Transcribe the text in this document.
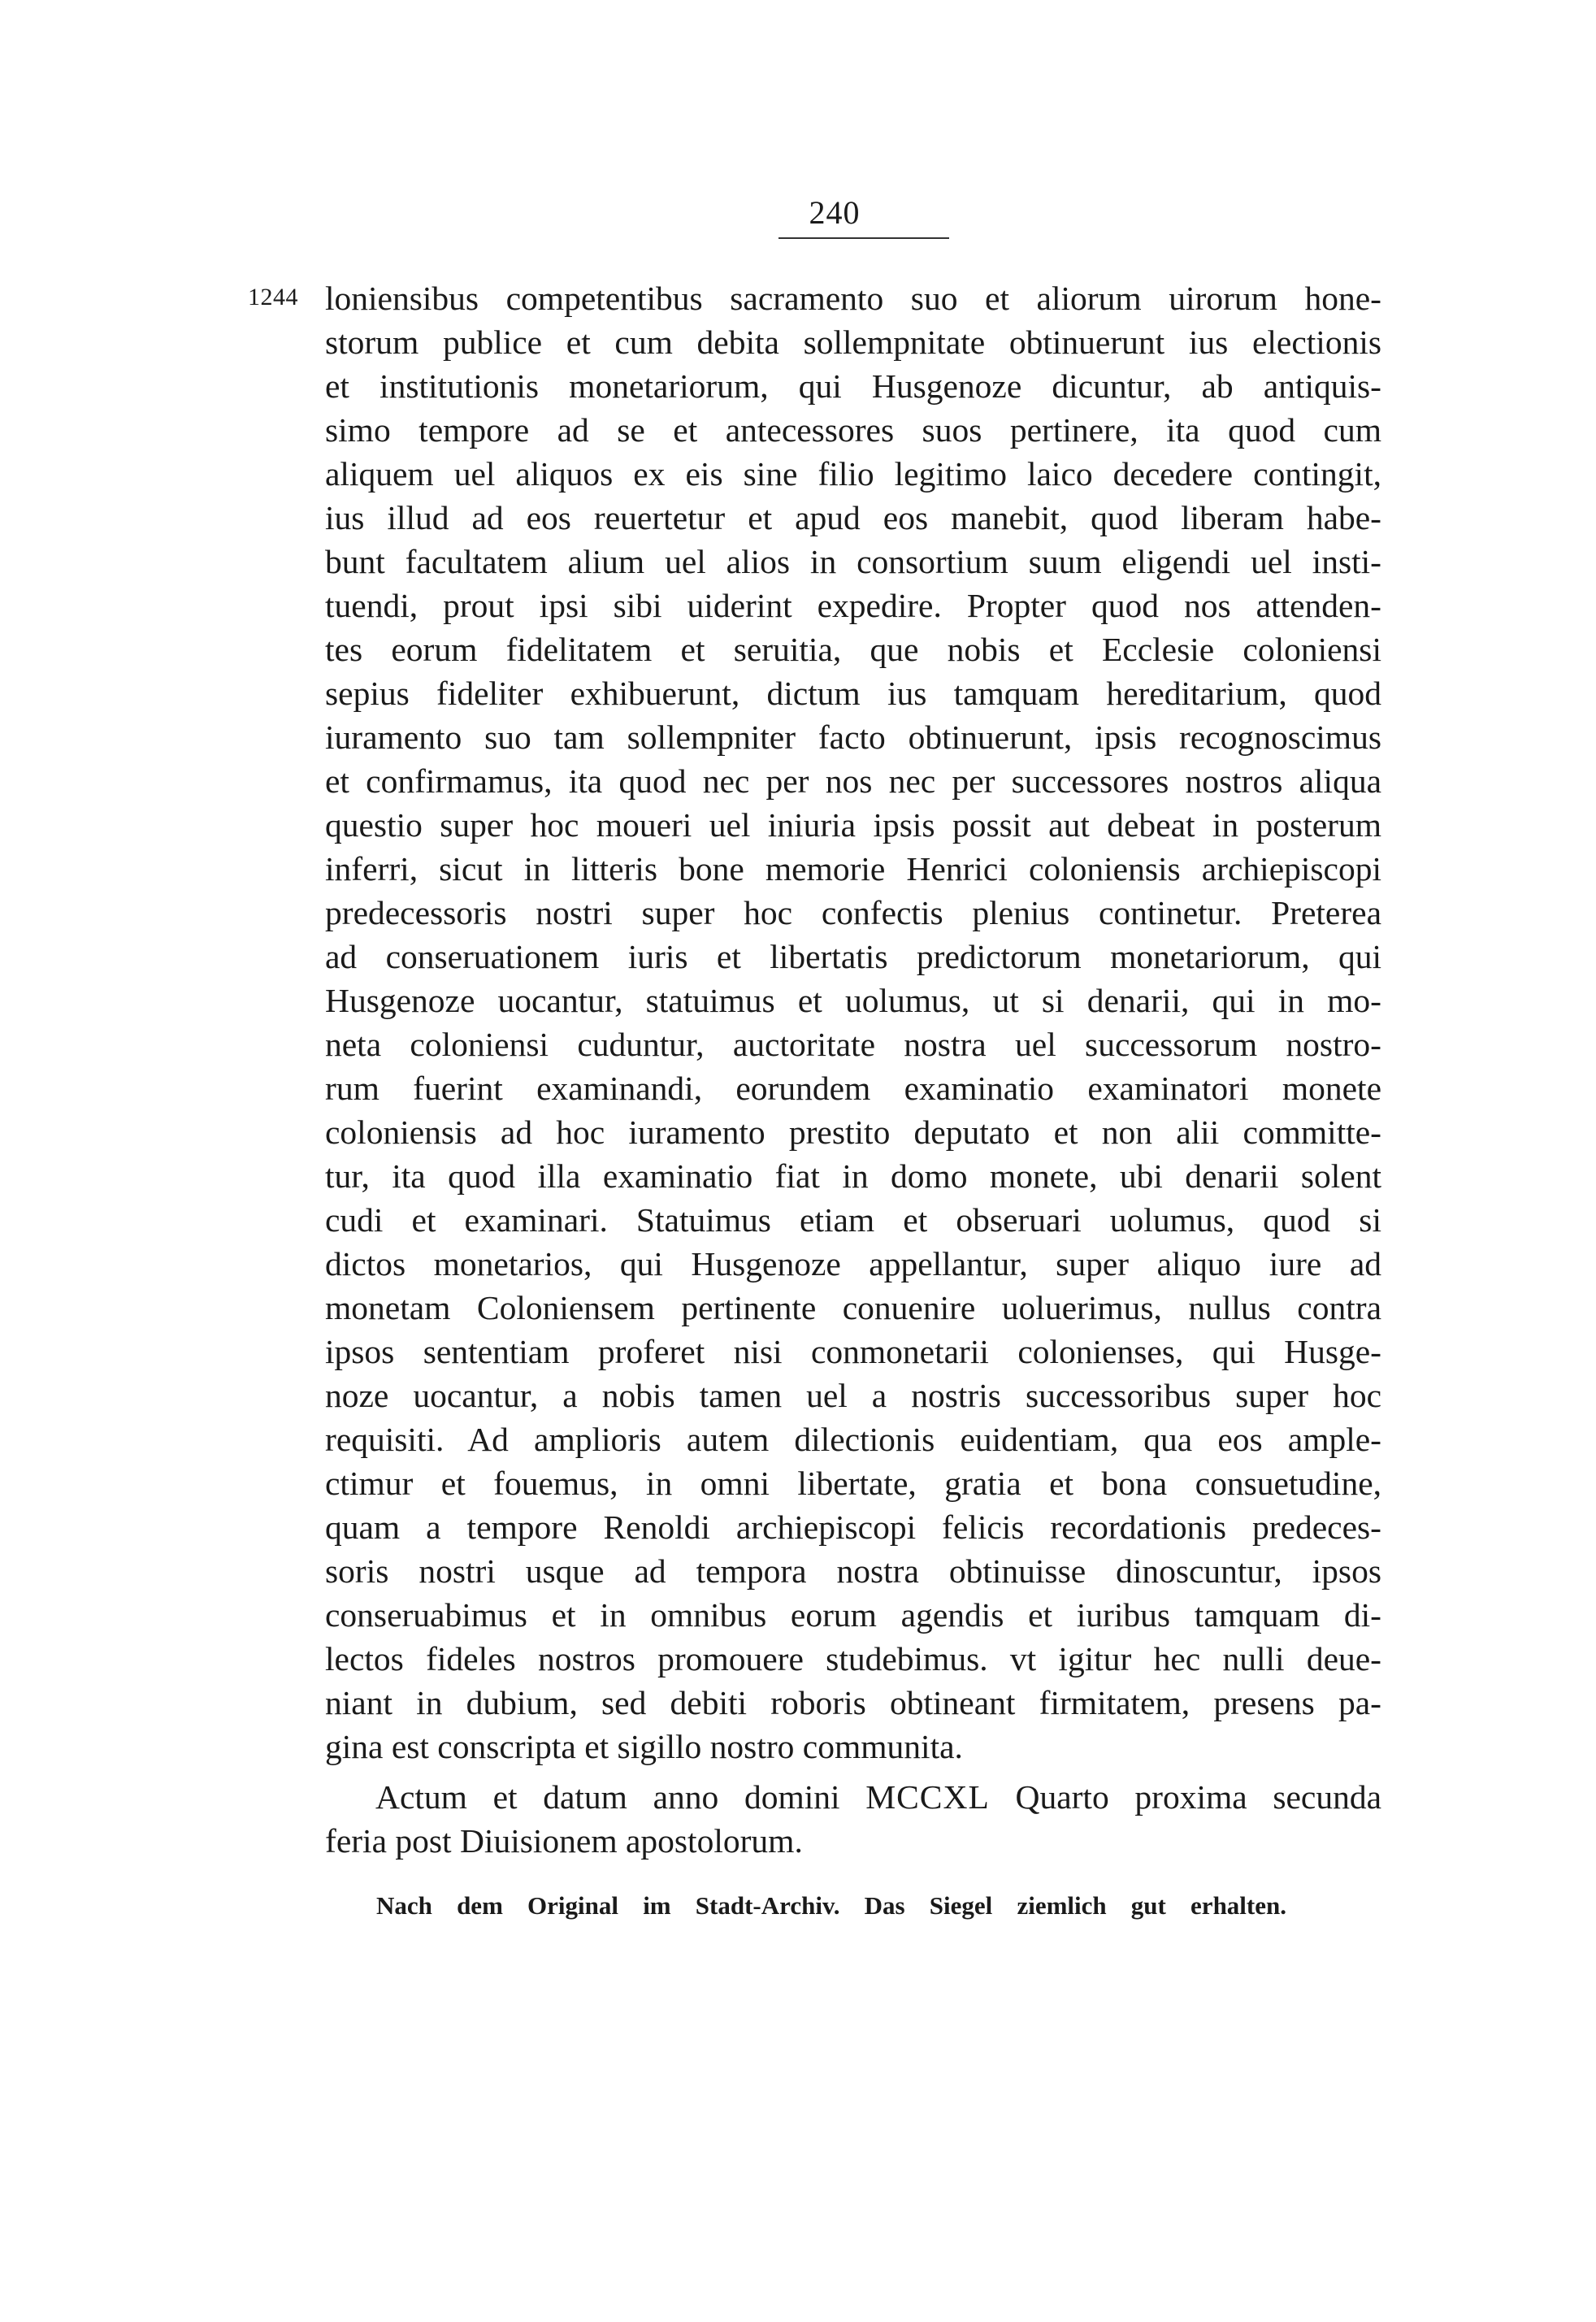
240
1244 loniensibus competentibus sacramento suo et aliorum uirorum hone-
storum publice et cum debita sollempnitate obtinuerunt ius electionis
et institutionis monetariorum, qui Husgenoze dicuntur, ab antiquis-
simo tempore ad se et antecessores suos pertinere, ita quod cum
aliquem uel aliquos ex eis sine filio legitimo laico decedere contingit,
ius illud ad eos reuertetur et apud eos manebit, quod liberam habe-
bunt facultatem alium uel alios in consortium suum eligendi uel insti-
tuendi, prout ipsi sibi uiderint expedire. Propter quod nos attenden-
tes eorum fidelitatem et seruitia, que nobis et Ecclesie coloniensi
sepius fideliter exhibuerunt, dictum ius tamquam hereditarium, quod
iuramento suo tam sollempniter facto obtinuerunt, ipsis recognoscimus
et confirmamus, ita quod nec per nos nec per successores nostros aliqua
questio super hoc moueri uel iniuria ipsis possit aut debeat in posterum
inferri, sicut in litteris bone memorie Henrici coloniensis archiepiscopi
predecessoris nostri super hoc confectis plenius continetur. Preterea
ad conseruationem iuris et libertatis predictorum monetariorum, qui
Husgenoze uocantur, statuimus et uolumus, ut si denarii, qui in mo-
neta coloniensi cuduntur, auctoritate nostra uel successorum nostro-
rum fuerint examinandi, eorundem examinatio examinatori monete
coloniensis ad hoc iuramento prestito deputato et non alii committe-
tur, ita quod illa examinatio fiat in domo monete, ubi denarii solent
cudi et examinari. Statuimus etiam et obseruari uolumus, quod si
dictos monetarios, qui Husgenoze appellantur, super aliquo iure ad
monetam Coloniensem pertinente conuenire uoluerimus, nullus contra
ipsos sententiam proferet nisi conmonetarii colonienses, qui Husge-
noze uocantur, a nobis tamen uel a nostris successoribus super hoc
requisiti. Ad amplioris autem dilectionis euidentiam, qua eos ample-
ctimur et fouemus, in omni libertate, gratia et bona consuetudine,
quam a tempore Renoldi archiepiscopi felicis recordationis predeces-
soris nostri usque ad tempora nostra obtinuisse dinoscuntur, ipsos
conseruabimus et in omnibus eorum agendis et iuribus tamquam di-
lectos fideles nostros promouere studebimus. vt igitur hec nulli deue-
niant in dubium, sed debiti roboris obtineant firmitatem, presens pa-
gina est conscripta et sigillo nostro communita.
Actum et datum anno domini MCCXL Quarto proxima secunda
feria post Diuisionem apostolorum.
Nach dem Original im Stadt-Archiv. Das Siegel ziemlich gut erhalten.
